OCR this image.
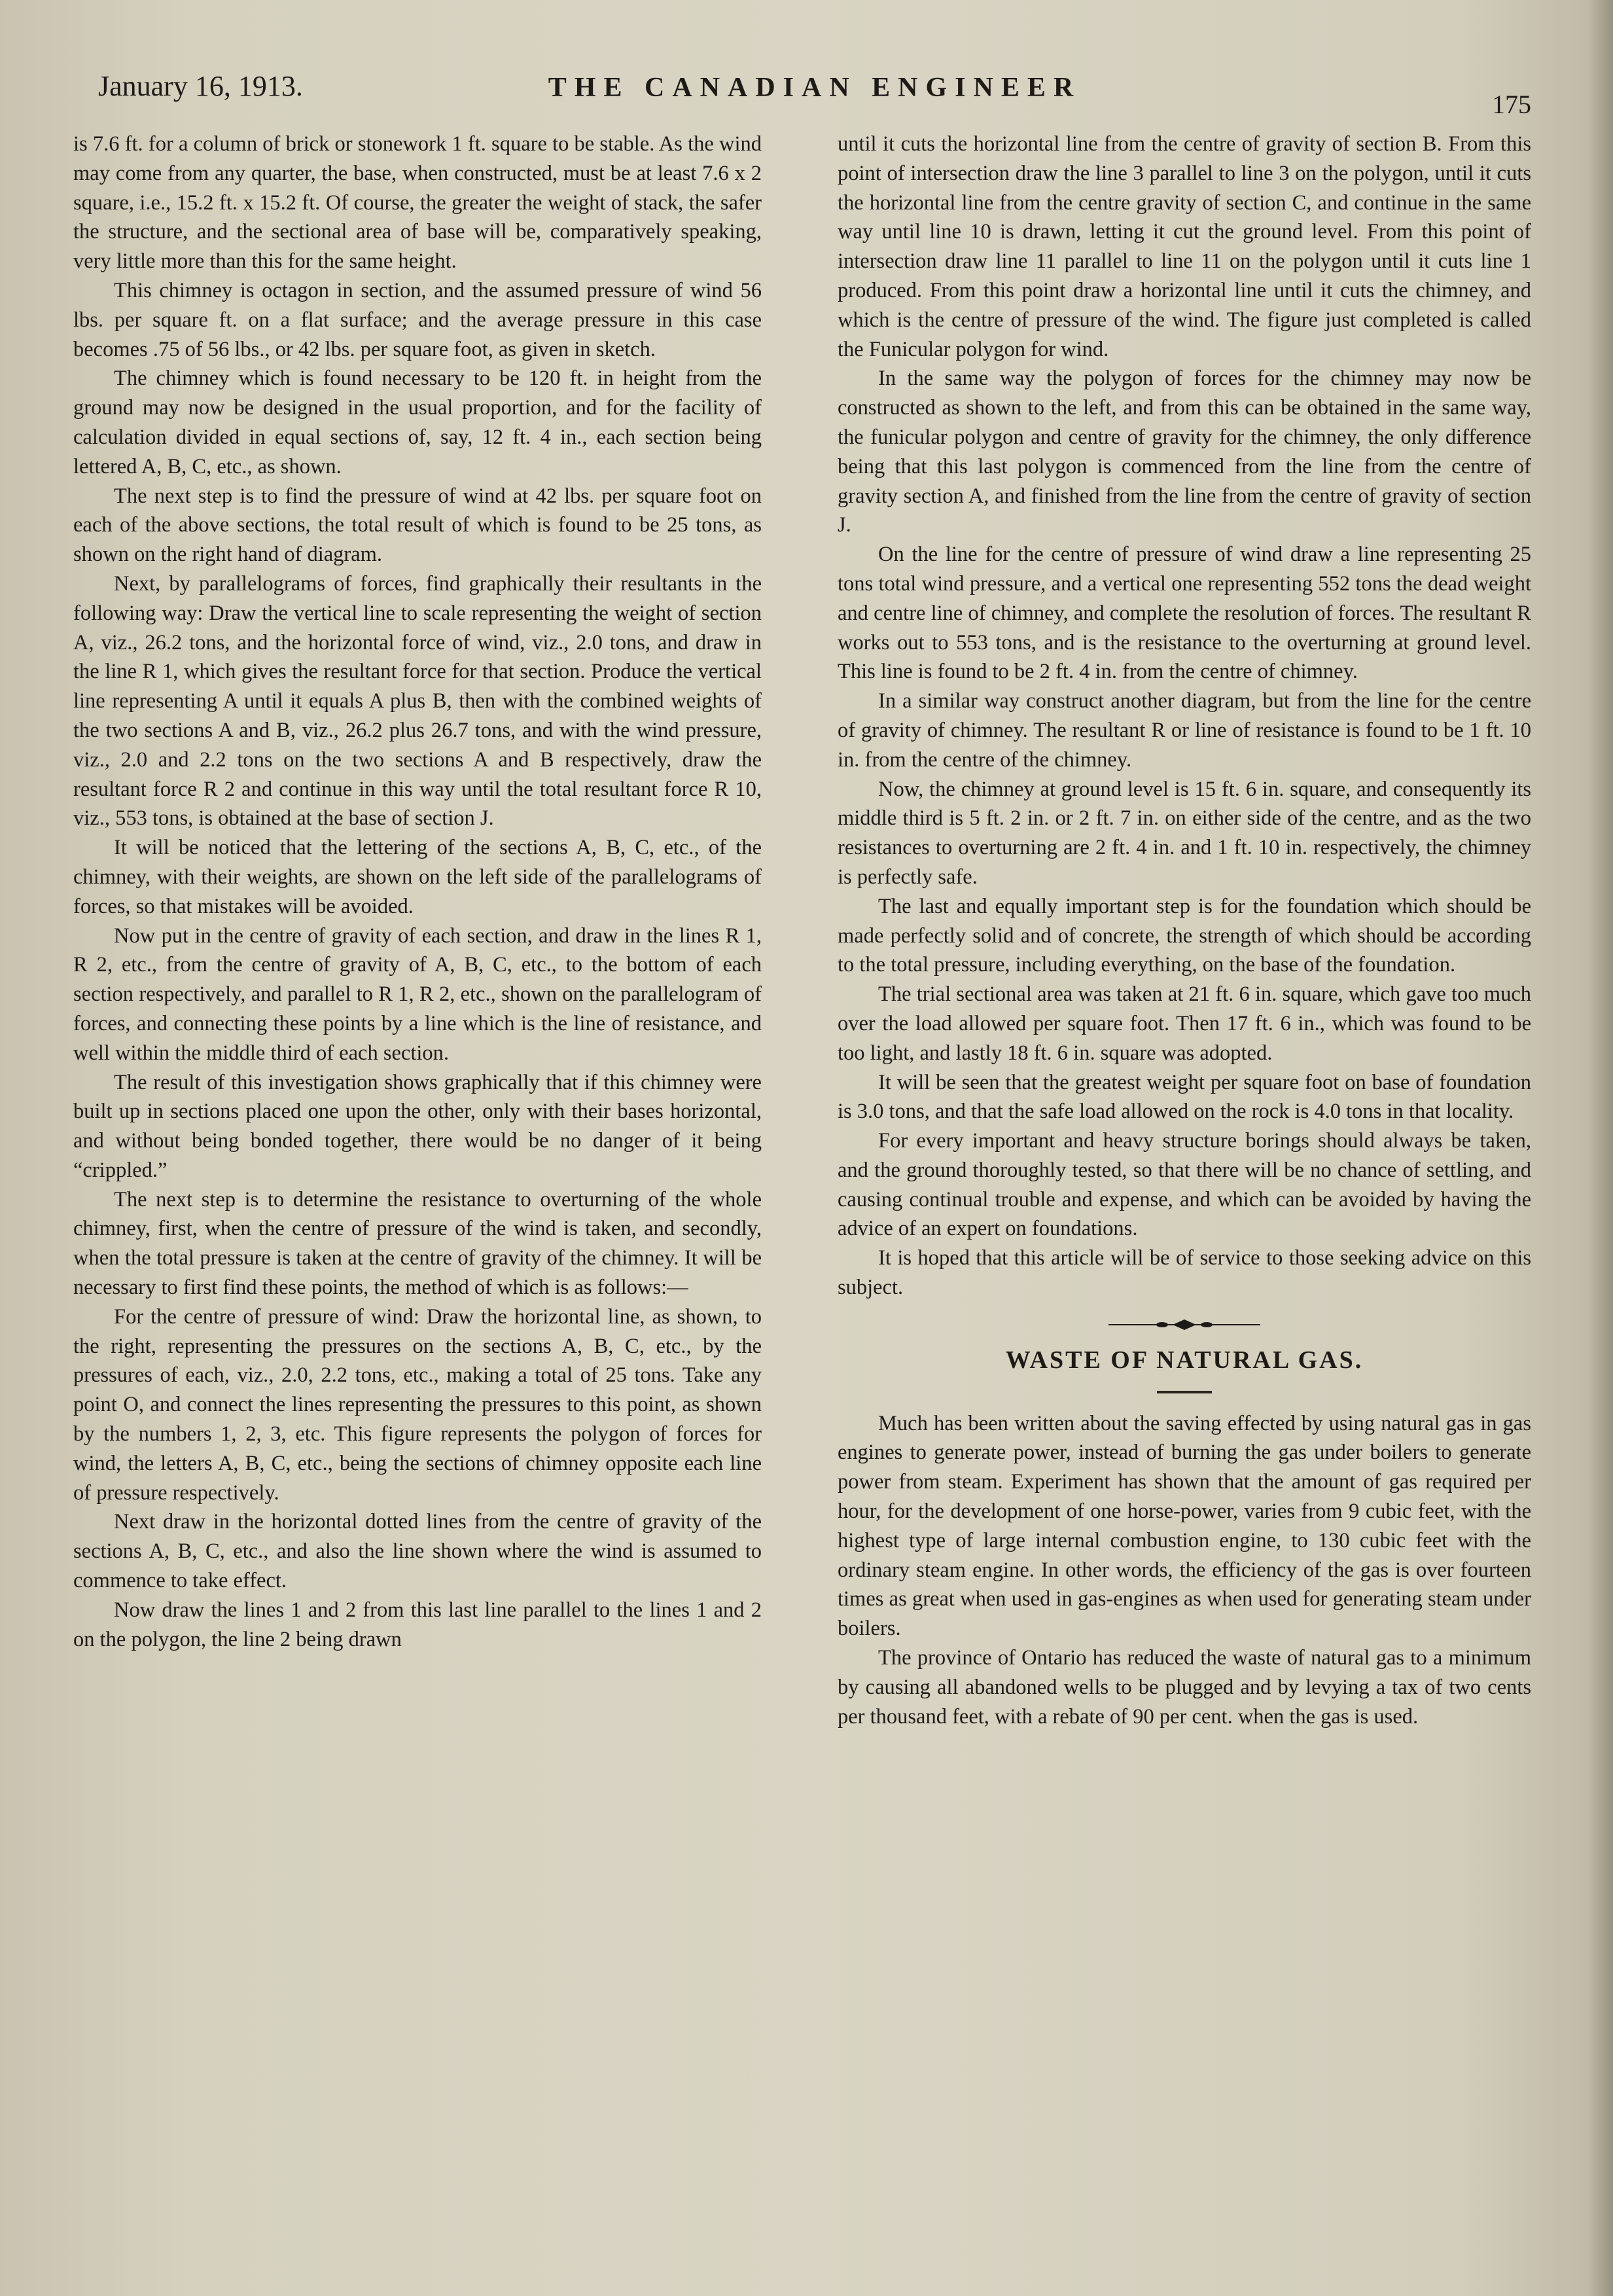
January 16, 1913.	THE CANADIAN ENGINEER
175

is 7.6 ft. for a column of brick or stonework 1 ft. square to be stable. As the wind may come from any quarter, the base, when constructed, must be at least 7.6 x 2 square, i.e., 15.2 ft. x 15.2 ft. Of course, the greater the weight of stack, the safer the structure, and the sectional area of base will be, comparatively speaking, very little more than this for the same height.

This chimney is octagon in section, and the assumed pressure of wind 56 lbs. per square ft. on a flat surface; and the average pressure in this case becomes .75 of 56 lbs., or 42 lbs. per square foot, as given in sketch.

The chimney which is found necessary to be 120 ft. in height from the ground may now be designed in the usual proportion, and for the facility of calculation divided in equal sections of, say, 12 ft. 4 in., each section being lettered A, B, C, etc., as shown.

The next step is to find the pressure of wind at 42 lbs. per square foot on each of the above sections, the total result of which is found to be 25 tons, as shown on the right hand of diagram.

Next, by parallelograms of forces, find graphically their resultants in the following way: Draw the vertical line to scale representing the weight of section A, viz., 26.2 tons, and the horizontal force of wind, viz., 2.0 tons, and draw in the line R 1, which gives the resultant force for that section. Produce the vertical line representing A until it equals A plus B, then with the combined weights of the two sections A and B, viz., 26.2 plus 26.7 tons, and with the wind pressure, viz., 2.0 and 2.2 tons on the two sections A and B respectively, draw the resultant force R 2 and continue in this way until the total resultant force R 10, viz., 553 tons, is obtained at the base of section J.

It will be noticed that the lettering of the sections A, B, C, etc., of the chimney, with their weights, are shown on the left side of the parallelograms of forces, so that mistakes will be avoided.

Now put in the centre of gravity of each section, and draw in the lines R 1, R 2, etc., from the centre of gravity of A, B, C, etc., to the bottom of each section respectively, and parallel to R 1, R 2, etc., shown on the parallelogram of forces, and connecting these points by a line which is the line of resistance, and well within the middle third of each section.

The result of this investigation shows graphically that if this chimney were built up in sections placed one upon the other, only with their bases horizontal, and without being bonded together, there would be no danger of it being “crippled.”

The next step is to determine the resistance to overturning of the whole chimney, first, when the centre of pressure of the wind is taken, and secondly, when the total pressure is taken at the centre of gravity of the chimney. It will be necessary to first find these points, the method of which is as follows:—

For the centre of pressure of wind: Draw the horizontal line, as shown, to the right, representing the pressures on the sections A, B, C, etc., by the pressures of each, viz., 2.0, 2.2 tons, etc., making a total of 25 tons. Take any point O, and connect the lines representing the pressures to this point, as shown by the numbers 1, 2, 3, etc. This figure represents the polygon of forces for wind, the letters A, B, C, etc., being the sections of chimney opposite each line of pressure respectively.

Next draw in the horizontal dotted lines from the centre of gravity of the sections A, B, C, etc., and also the line shown where the wind is assumed to commence to take effect.

Now draw the lines 1 and 2 from this last line parallel to the lines 1 and 2 on the polygon, the line 2 being drawn

until it cuts the horizontal line from the centre of gravity of section B. From this point of intersection draw the line 3 parallel to line 3 on the polygon, until it cuts the horizontal line from the centre gravity of section C, and continue in the same way until line 10 is drawn, letting it cut the ground level. From this point of intersection draw line 11 parallel to line 11 on the polygon until it cuts line 1 produced. From this point draw a horizontal line until it cuts the chimney, and which is the centre of pressure of the wind. The figure just completed is called the Funicular polygon for wind.

In the same way the polygon of forces for the chimney may now be constructed as shown to the left, and from this can be obtained in the same way, the funicular polygon and centre of gravity for the chimney, the only difference being that this last polygon is commenced from the line from the centre of gravity section A, and finished from the line from the centre of gravity of section J.

On the line for the centre of pressure of wind draw a line representing 25 tons total wind pressure, and a vertical one representing 552 tons the dead weight and centre line of chimney, and complete the resolution of forces. The resultant R works out to 553 tons, and is the resistance to the overturning at ground level. This line is found to be 2 ft. 4 in. from the centre of chimney.

In a similar way construct another diagram, but from the line for the centre of gravity of chimney. The resultant R or line of resistance is found to be 1 ft. 10 in. from the centre of the chimney.

Now, the chimney at ground level is 15 ft. 6 in. square, and consequently its middle third is 5 ft. 2 in. or 2 ft. 7 in. on either side of the centre, and as the two resistances to overturning are 2 ft. 4 in. and 1 ft. 10 in. respectively, the chimney is perfectly safe.

The last and equally important step is for the foundation which should be made perfectly solid and of concrete, the strength of which should be according to the total pressure, including everything, on the base of the foundation.

The trial sectional area was taken at 21 ft. 6 in. square, which gave too much over the load allowed per square foot. Then 17 ft. 6 in., which was found to be too light, and lastly 18 ft. 6 in. square was adopted.

It will be seen that the greatest weight per square foot on base of foundation is 3.0 tons, and that the safe load allowed on the rock is 4.0 tons in that locality.

For every important and heavy structure borings should always be taken, and the ground thoroughly tested, so that there will be no chance of settling, and causing continual trouble and expense, and which can be avoided by having the advice of an expert on foundations.

It is hoped that this article will be of service to those seeking advice on this subject.

WASTE OF NATURAL GAS.

Much has been written about the saving effected by using natural gas in gas engines to generate power, instead of burning the gas under boilers to generate power from steam. Experiment has shown that the amount of gas required per hour, for the development of one horse-power, varies from 9 cubic feet, with the highest type of large internal combustion engine, to 130 cubic feet with the ordinary steam engine. In other words, the efficiency of the gas is over fourteen times as great when used in gas-engines as when used for generating steam under boilers.

The province of Ontario has reduced the waste of natural gas to a minimum by causing all abandoned wells to be plugged and by levying a tax of two cents per thousand feet, with a rebate of 90 per cent. when the gas is used.
